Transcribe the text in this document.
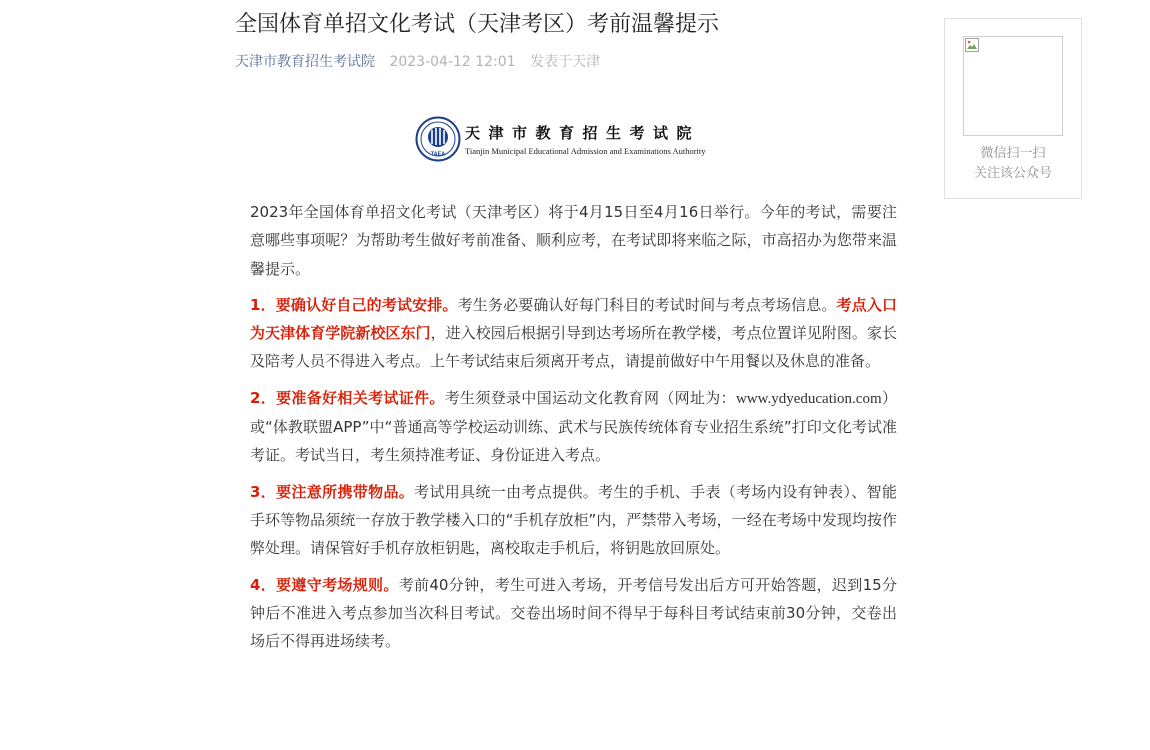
全国体育单招文化考试（天津考区）考前温馨提示
天津市教育招生考试院 2023-04-12 12:01 发表于天津
TAEA
天津市教育招生考试院
Tianjin Municipal Educational Admission and Examinations Authority

2023年全国体育单招文化考试（天津考区）将于4月15日至4月16日举行。今年的考试，需要注意哪些事项呢？为帮助考生做好考前准备、顺利应考，在考试即将来临之际，市高招办为您带来温馨提示。

1．要确认好自己的考试安排。考生务必要确认好每门科目的考试时间与考点考场信息。考点入口为天津体育学院新校区东门，进入校园后根据引导到达考场所在教学楼，考点位置详见附图。家长及陪考人员不得进入考点。上午考试结束后须离开考点，请提前做好中午用餐以及休息的准备。

2．要准备好相关考试证件。考生须登录中国运动文化教育网（网址为：www.ydyeducation.com）或“体教联盟APP”中“普通高等学校运动训练、武术与民族传统体育专业招生系统”打印文化考试准考证。考试当日，考生须持准考证、身份证进入考点。

3．要注意所携带物品。考试用具统一由考点提供。考生的手机、手表（考场内设有钟表）、智能手环等物品须统一存放于教学楼入口的“手机存放柜”内，严禁带入考场，一经在考场中发现均按作弊处理。请保管好手机存放柜钥匙，离校取走手机后，将钥匙放回原处。

4．要遵守考场规则。考前40分钟，考生可进入考场，开考信号发出后方可开始答题，迟到15分钟后不准进入考点参加当次科目考试。交卷出场时间不得早于每科目考试结束前30分钟，交卷出场后不得再进场续考。

微信扫一扫
关注该公众号
